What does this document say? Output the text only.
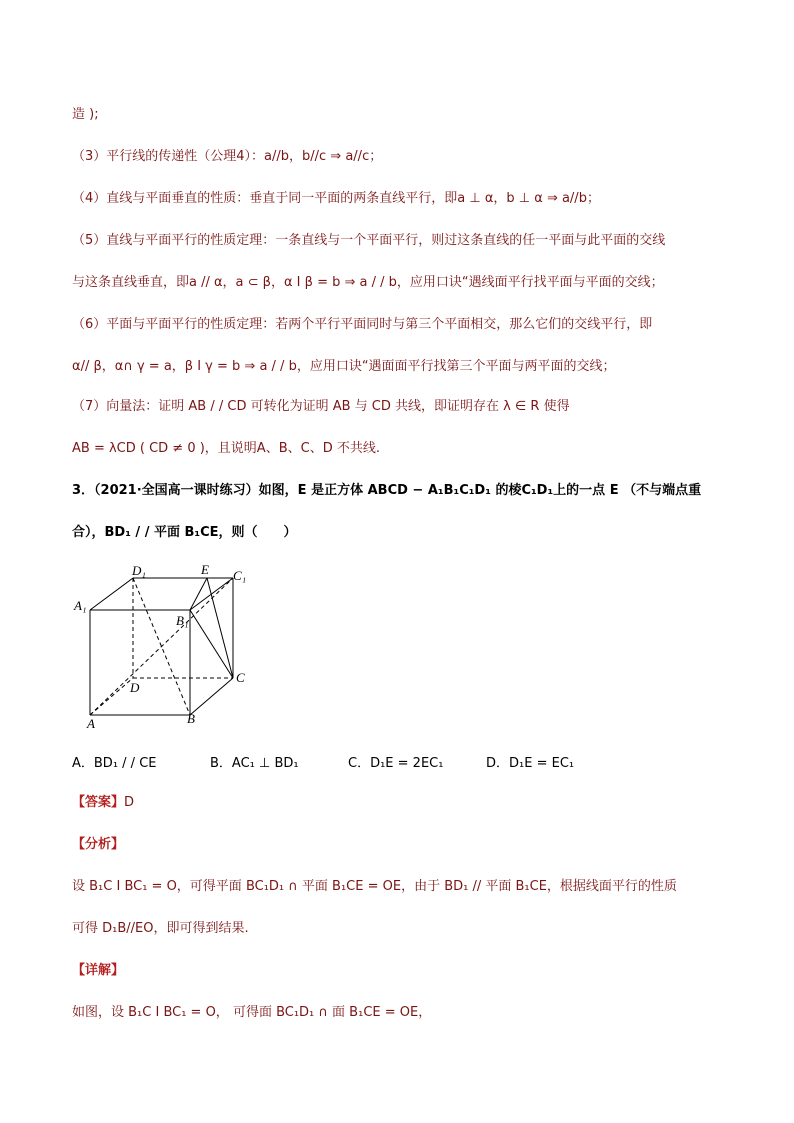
造 );
（3）平行线的传递性（公理4）：a//b，b//c ⇒ a//c；
（4）直线与平面垂直的性质：垂直于同一平面的两条直线平行，即a ⊥ α，b ⊥ α ⇒ a//b；
（5）直线与平面平行的性质定理：一条直线与一个平面平行，则过这条直线的任一平面与此平面的交线
与这条直线垂直，即a // α，a ⊂ β，α I β = b ⇒ a / / b，应用口诀“遇线面平行找平面与平面的交线；
（6）平面与平面平行的性质定理：若两个平行平面同时与第三个平面相交，那么它们的交线平行，即
α// β，α∩ γ = a，β I γ = b ⇒ a / / b，应用口诀“遇面面平行找第三个平面与两平面的交线；
（7）向量法：证明 AB / / CD 可转化为证明 AB 与 CD 共线，即证明存在 λ ∈ R 使得
AB = λCD ( CD ≠ 0 )，且说明A、B、C、D 不共线.
3．（2021·全国高一课时练习）如图，E 是正方体 ABCD − A₁B₁C₁D₁ 的棱C₁D₁上的一点 E （不与端点重
合），BD₁ / / 平面 B₁CE，则（　　）
D₁	E C₁
A₁
B₁
D
C
A	B
A．BD₁ / / CE	B．AC₁ ⊥ BD₁	C．D₁E = 2EC₁	D．D₁E = EC₁
【答案】D
【分析】
设 B₁C I BC₁ = O，可得平面 BC₁D₁ ∩ 平面 B₁CE = OE，由于 BD₁ // 平面 B₁CE，根据线面平行的性质
可得 D₁B//EO，即可得到结果.
【详解】
如图，设 B₁C I BC₁ = O， 可得面 BC₁D₁ ∩ 面 B₁CE = OE，
